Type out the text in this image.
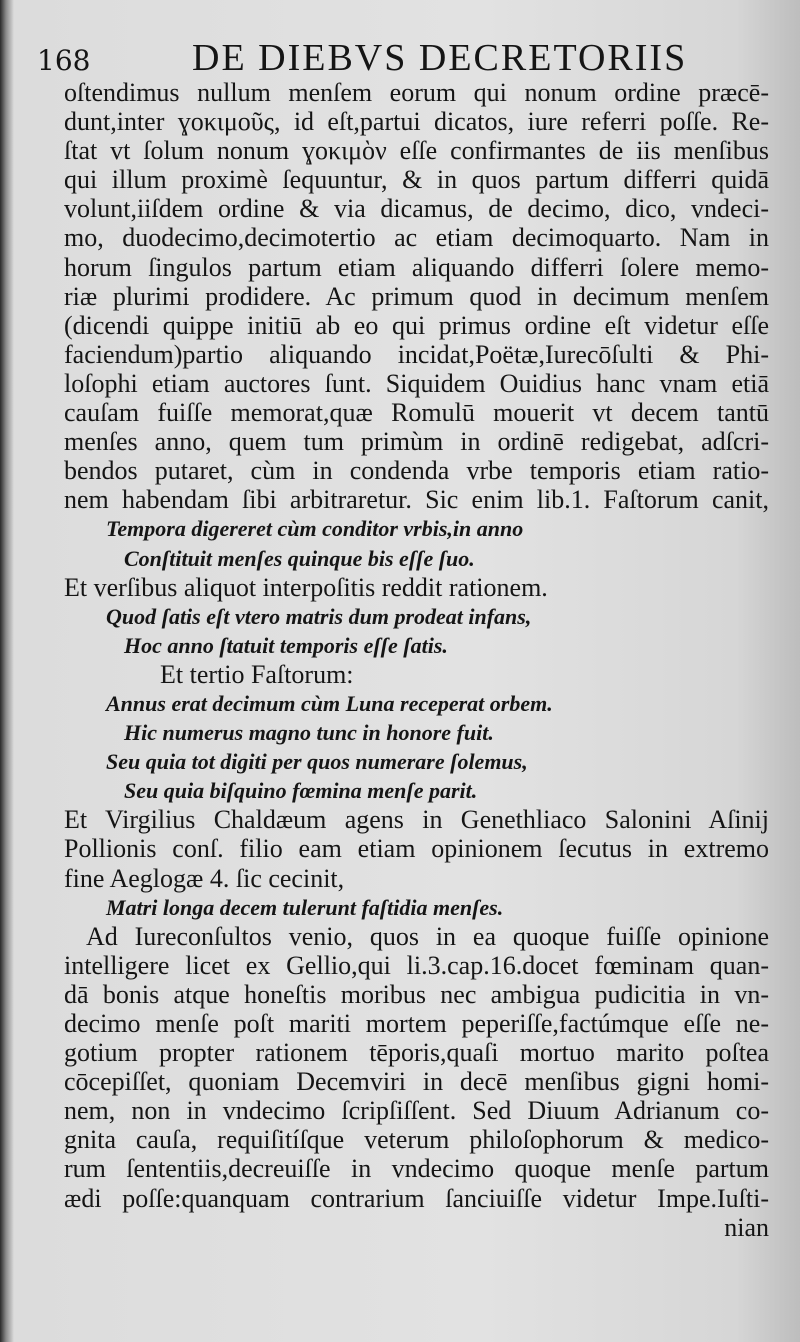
168	DE DIEBVS DECRETORIIS
oſtendimus nullum menſem eorum qui nonum ordine præcē-
dunt,inter ɣοκιμοῦς, id eſt,partui dicatos, iure referri poſſe. Re-
ſtat vt ſolum nonum ɣοκιμὸν eſſe confirmantes de iis menſibus
qui illum proximè ſequuntur, & in quos partum differri quidā
volunt,iiſdem ordine & via dicamus, de decimo, dico, vndeci-
mo, duodecimo,decimotertio ac etiam decimoquarto. Nam in
horum ſingulos partum etiam aliquando differri ſolere memo-
riæ plurimi prodidere. Ac primum quod in decimum menſem
(dicendi quippe initiū ab eo qui primus ordine eſt videtur eſſe
faciendum)partio aliquando incidat,Poëtæ,Iurecōſulti & Phi-
loſophi etiam auctores ſunt. Siquidem Ouidius hanc vnam etiā
cauſam fuiſſe memorat,quæ Romulū mouerit vt decem tantū
menſes anno, quem tum primùm in ordinē redigebat, adſcri-
bendos putaret, cùm in condenda vrbe temporis etiam ratio-
nem habendam ſibi arbitraretur. Sic enim lib.1. Faſtorum canit,
Tempora digereret cùm conditor vrbis,in anno
Conſtituit menſes quinque bis eſſe ſuo.
Et verſibus aliquot interpoſitis reddit rationem.
Quod ſatis eſt vtero matris dum prodeat infans,
Hoc anno ſtatuit temporis eſſe ſatis.
Et tertio Faſtorum:
Annus erat decimum cùm Luna receperat orbem.
Hic numerus magno tunc in honore fuit.
Seu quia tot digiti per quos numerare ſolemus,
Seu quia biſquino fœmina menſe parit.
Et Virgilius Chaldæum agens in Genethliaco Salonini Aſinij
Pollionis conſ. filio eam etiam opinionem ſecutus in extremo
fine Aeglogæ 4. ſic cecinit,
Matri longa decem tulerunt faſtidia menſes.
Ad Iureconſultos venio, quos in ea quoque fuiſſe opinione
intelligere licet ex Gellio,qui li.3.cap.16.docet fœminam quan-
dā bonis atque honeſtis moribus nec ambigua pudicitia in vn-
decimo menſe poſt mariti mortem peperiſſe,factúmque eſſe ne-
gotium propter rationem tēporis,quaſi mortuo marito poſtea
cōcepiſſet, quoniam Decemviri in decē menſibus gigni homi-
nem, non in vndecimo ſcripſiſſent. Sed Diuum Adrianum co-
gnita cauſa, requiſitíſque veterum philoſophorum & medico-
rum ſententiis,decreuiſſe in vndecimo quoque menſe partum
ædi poſſe:quanquam contrarium ſanciuiſſe videtur Impe.Iuſti-
nian
